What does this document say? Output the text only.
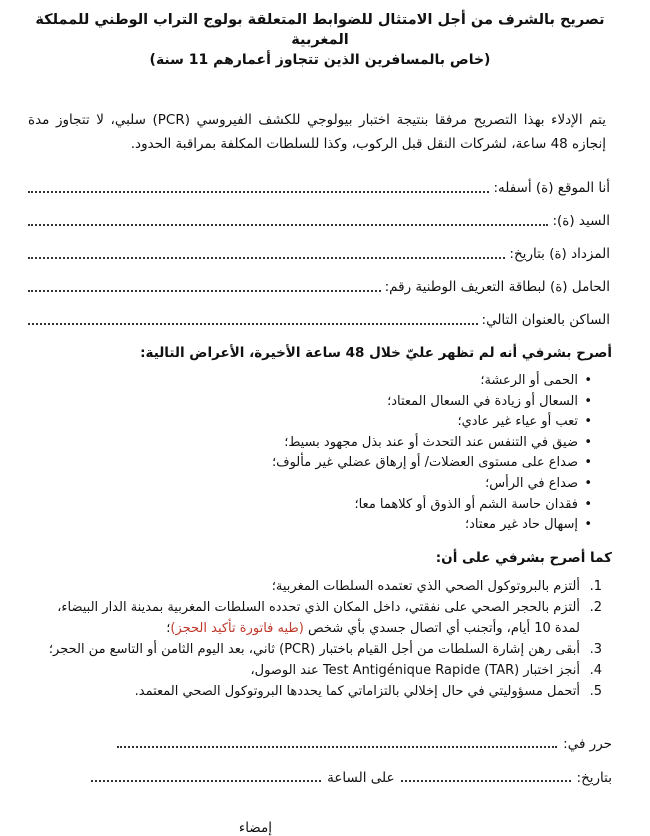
تصريح بالشرف من أجل الامتثال للضوابط المتعلقة بولوج التراب الوطني للمملكة المغربية

(خاص بالمسافرين الذين تتجاوز أعمارهم 11 سنة)

يتم الإدلاء بهذا التصريح مرفقا بنتيجة اختبار بيولوجي للكشف الفيروسي (PCR) سلبي، لا تتجاوز مدة إنجازه 48 ساعة، لشركات النقل قبل الركوب، وكذا للسلطات المكلفة بمراقبة الحدود.

أنا الموقع (ة) أسفله:
السيد (ة):
المزداد (ة) بتاريخ:
الحامل (ة) لبطاقة التعريف الوطنية رقم:
الساكن بالعنوان التالي:

أصرح بشرفي أنه لم تظهر عليّ خلال 48 ساعة الأخيرة، الأعراض التالية:

• الحمى أو الرعشة؛
• السعال أو زيادة في السعال المعتاد؛
• تعب أو عياء غير عادي؛
• ضيق في التنفس عند التحدث أو عند بذل مجهود بسيط؛
• صداع على مستوى العضلات/ أو إرهاق عضلي غير مألوف؛
• صداع في الرأس؛
• فقدان حاسة الشم أو الذوق أو كلاهما معا؛
• إسهال حاد غير معتاد؛

كما أصرح بشرفي على أن:

1.
ألتزم بالبروتوكول الصحي الذي تعتمده السلطات المغربية؛
2.
ألتزم بالحجر الصحي على نفقتي، داخل المكان الذي تحدده السلطات المغربية بمدينة الدار البيضاء، لمدة 10 أيام، وأتجنب أي اتصال جسدي بأي شخص (طيه فاتورة تأكيد الحجز)؛
3.
أبقى رهن إشارة السلطات من أجل القيام باختبار (PCR) ثاني، بعد اليوم الثامن أو التاسع من الحجر؛
4.
أنجز اختبار Test Antigénique Rapide (TAR) عند الوصول،
5.
أتحمل مسؤوليتي في حال إخلالي بالتزاماتي كما يحددها البروتوكول الصحي المعتمد.
حرر في:
بتاريخ:
على الساعة
إمضاء
